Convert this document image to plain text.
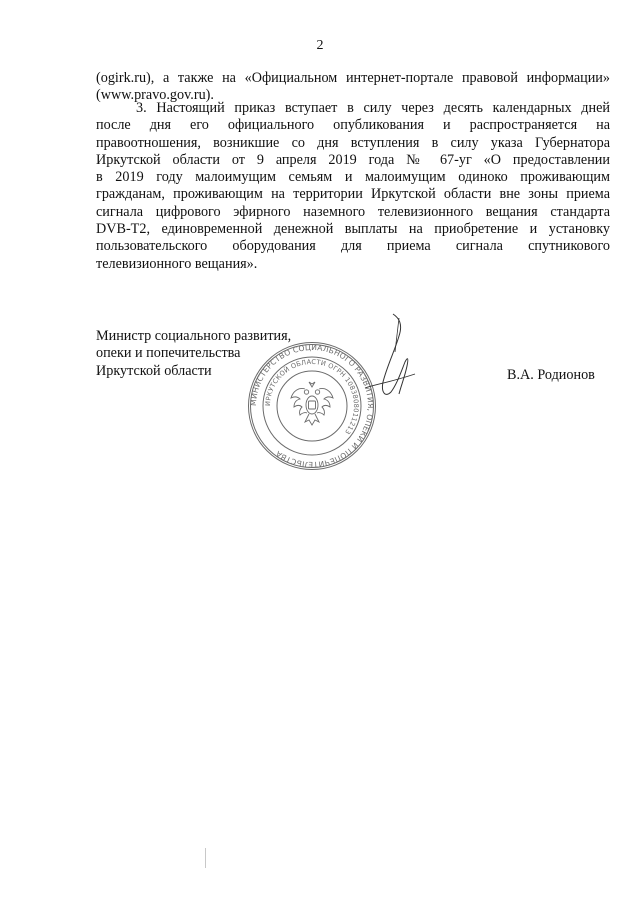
2
(ogirk.ru), а также на «Официальном интернет-портале правовой информации»
(www.pravo.gov.ru).
3. Настоящий приказ вступает в силу через десять календарных дней
после дня его официального опубликования и распространяется на
правоотношения, возникшие со дня вступления в силу указа Губернатора
Иркутской области от 9 апреля 2019 года № 67-уг «О предоставлении
в 2019 году малоимущим семьям и малоимущим одиноко проживающим
гражданам, проживающим на территории Иркутской области вне зоны приема
сигнала цифрового эфирного наземного телевизионного вещания стандарта
DVB-T2, единовременной денежной выплаты на приобретение и установку
пользовательского оборудования для приема сигнала спутникового
телевизионного вещания».
Министр социального развития,
опеки и попечительства
Иркутской области
МИНИСТЕРСТВО СОЦИАЛЬНОГО РАЗВИТИЯ, ОПЕКИ И ПОПЕЧИТЕЛЬСТВА
ИРКУТСКОЙ ОБЛАСТИ ОГРН 1083808011213
В.А. Родионов
